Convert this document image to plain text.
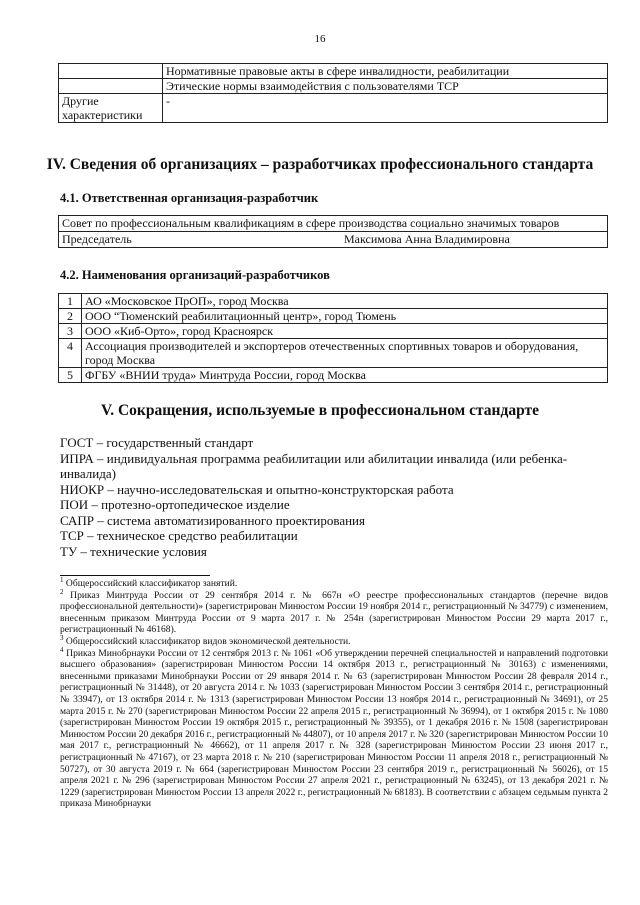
16
	Нормативные правовые акты в сфере инвалидности, реабилитации
	Этические нормы взаимодействия с пользователями ТСР
Другие характеристики	-
IV. Сведения об организациях – разработчиках профессионального стандарта
4.1. Ответственная организация-разработчик
Совет по профессиональным квалификациям в сфере производства социально значимых товаров
Председатель	Максимова Анна Владимировна
4.2. Наименования организаций-разработчиков
1	АО «Московское ПрОП», город Москва
2	ООО “Тюменский реабилитационный центр», город Тюмень
3	ООО «Киб-Орто», город Красноярск
4	Ассоциация производителей и экспортеров отечественных спортивных товаров и оборудования, город Москва
5	ФГБУ «ВНИИ труда» Минтруда России, город Москва
V. Сокращения, используемые в профессиональном стандарте
ГОСТ – государственный стандарт
ИПРА – индивидуальная программа реабилитации или абилитации инвалида (или ребенка-инвалида)
НИОКР – научно-исследовательская и опытно-конструкторская работа
ПОИ – протезно-ортопедическое изделие
САПР – система автоматизированного проектирования
ТСР – техническое средство реабилитации
ТУ – технические условия
$^1$ Общероссийский классификатор занятий.
$^2$ Приказ Минтруда России от 29 сентября 2014 г. № 667н «О реестре профессиональных стандартов (перечне видов профессиональной деятельности)» (зарегистрирован Минюстом России 19 ноября 2014 г., регистрационный № 34779) с изменением, внесенным приказом Минтруда России от 9 марта 2017 г. № 254н (зарегистрирован Минюстом России 29 марта 2017 г., регистрационный № 46168).
$^3$ Общероссийский классификатор видов экономической деятельности.
$^4$ Приказ Минобрнауки России от 12 сентября 2013 г. № 1061 «Об утверждении перечней специальностей и направлений подготовки высшего образования» (зарегистрирован Минюстом России 14 октября 2013 г., регистрационный № 30163) с изменениями, внесенными приказами Минобрнауки России от 29 января 2014 г. № 63 (зарегистрирован Минюстом России 28 февраля 2014 г., регистрационный № 31448), от 20 августа 2014 г. № 1033 (зарегистрирован Минюстом России 3 сентября 2014 г., регистрационный № 33947), от 13 октября 2014 г. № 1313 (зарегистрирован Минюстом России 13 ноября 2014 г., регистрационный № 34691), от 25 марта 2015 г. № 270 (зарегистрирован Минюстом России 22 апреля 2015 г., регистрационный № 36994), от 1 октября 2015 г. № 1080 (зарегистрирован Минюстом России 19 октября 2015 г., регистрационный № 39355), от 1 декабря 2016 г. № 1508 (зарегистрирован Минюстом России 20 декабря 2016 г., регистрационный № 44807), от 10 апреля 2017 г. № 320 (зарегистрирован Минюстом России 10 мая 2017 г., регистрационный № 46662), от 11 апреля 2017 г. № 328 (зарегистрирован Минюстом России 23 июня 2017 г., регистрационный № 47167), от 23 марта 2018 г. № 210 (зарегистрирован Минюстом России 11 апреля 2018 г., регистрационный № 50727), от 30 августа 2019 г. № 664 (зарегистрирован Минюстом России 23 сентября 2019 г., регистрационный № 56026), от 15 апреля 2021 г. № 296 (зарегистрирован Минюстом России 27 апреля 2021 г., регистрационный № 63245), от 13 декабря 2021 г. № 1229 (зарегистрирован Минюстом России 13 апреля 2022 г., регистрационный № 68183). В соответствии с абзацем седьмым пункта 2 приказа Минобрнауки
